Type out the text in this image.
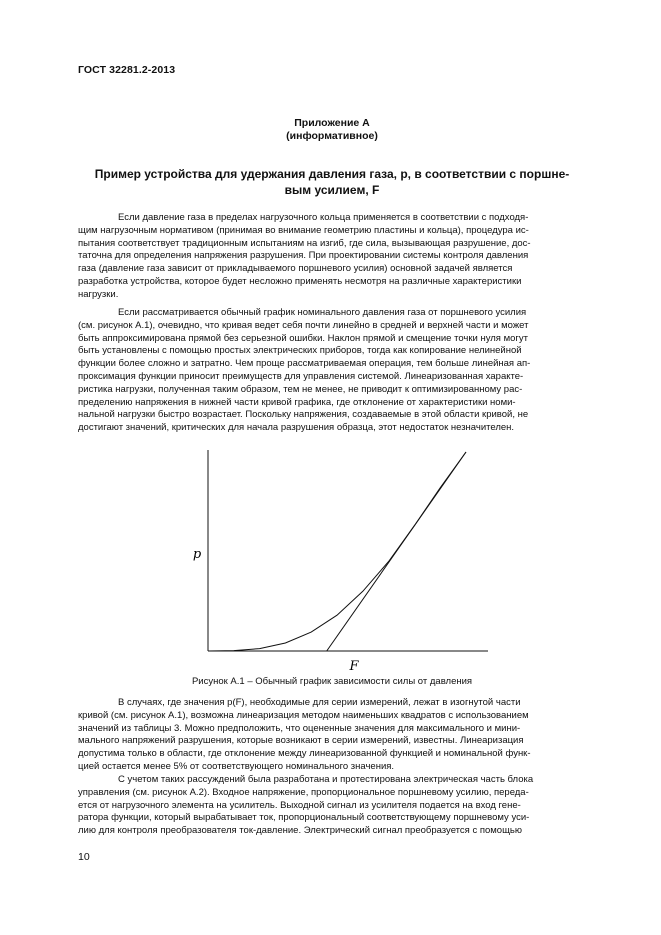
ГОСТ 32281.2-2013
Приложение А
(информативное)
Пример устройства для удержания давления газа, p, в соответствии с поршне-
вым усилием, F
Если давление газа в пределах нагрузочного кольца применяется в соответствии с подходя-
щим нагрузочным нормативом (принимая во внимание геометрию пластины и кольца), процедура ис-
пытания соответствует традиционным испытаниям на изгиб, где сила, вызывающая разрушение, дос-
таточна для определения напряжения разрушения. При проектировании системы контроля давления
газа (давление газа зависит от прикладываемого поршневого усилия) основной задачей является
разработка устройства, которое будет несложно применять несмотря на различные характеристики
нагрузки.
Если рассматривается обычный график номинального давления газа от поршневого усилия
(см. рисунок А.1), очевидно, что кривая ведет себя почти линейно в средней и верхней части и может
быть аппроксимирована прямой без серьезной ошибки. Наклон прямой и смещение точки нуля могут
быть установлены с помощью простых электрических приборов, тогда как копирование нелинейной
функции более сложно и затратно. Чем проще рассматриваемая операция, тем больше линейная ап-
проксимация функции приносит преимуществ для управления системой. Линеаризованная характе-
ристика нагрузки, полученная таким образом, тем не менее, не приводит к оптимизированному рас-
пределению напряжения в нижней части кривой графика, где отклонение от характеристики номи-
нальной нагрузки быстро возрастает. Поскольку напряжения, создаваемые в этой области кривой, не
достигают значений, критических для начала разрушения образца, этот недостаток незначителен.
p
F
Рисунок А.1 – Обычный график зависимости силы от давления
В случаях, где значения p(F), необходимые для серии измерений, лежат в изогнутой части
кривой (см. рисунок А.1), возможна линеаризация методом наименьших квадратов с использованием
значений из таблицы 3. Можно предположить, что оцененные значения для максимального и мини-
мального напряжений разрушения, которые возникают в серии измерений, известны. Линеаризация
допустима только в области, где отклонение между линеаризованной функцией и номинальной функ-
цией остается менее 5% от соответствующего номинального значения.
С учетом таких рассуждений была разработана и протестирована электрическая часть блока
управления (см. рисунок А.2). Входное напряжение, пропорциональное поршневому усилию, переда-
ется от нагрузочного элемента на усилитель. Выходной сигнал из усилителя подается на вход гене-
ратора функции, который вырабатывает ток, пропорциональный соответствующему поршневому уси-
лию для контроля преобразователя ток-давление. Электрический сигнал преобразуется с помощью
10
